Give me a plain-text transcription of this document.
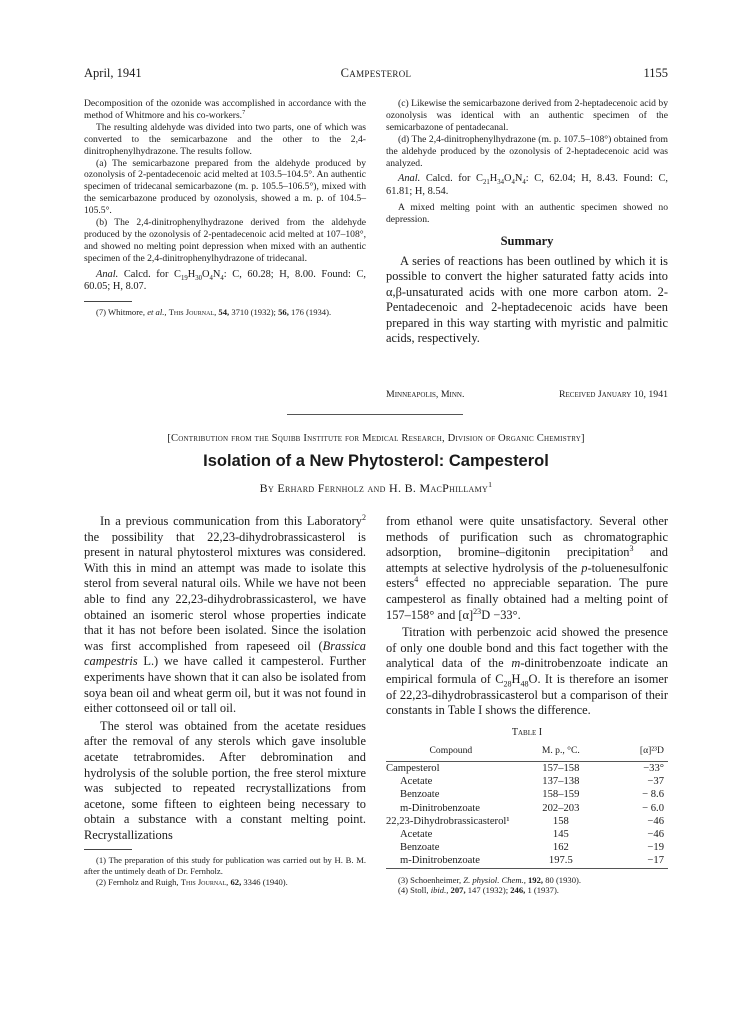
April, 1941	Campesterol	1155

Decomposition of the ozonide was accomplished in accordance with the method of Whitmore and his co-workers.$^7$

The resulting aldehyde was divided into two parts, one of which was converted to the semicarbazone and the other to the 2,4-dinitrophenylhydrazone. The results follow.

(a) The semicarbazone prepared from the aldehyde produced by ozonolysis of 2-pentadecenoic acid melted at 103.5–104.5°. An authentic specimen of tridecanal semicarbazone (m. p. 105.5–106.5°), mixed with the semicarbazone produced by ozonolysis, showed a m. p. of 104.5–105.5°.

(b) The 2,4-dinitrophenylhydrazone derived from the aldehyde produced by the ozonolysis of 2-pentadecenoic acid melted at 107–108°, and showed no melting point depression when mixed with an authentic specimen of the 2,4-dinitrophenylhydrazone of tridecanal.

Anal. Calcd. for $C_{19}H_{30}O_4N_4$: C, 60.28; H, 8.00. Found: C, 60.05; H, 8.07.

(7) Whitmore, et al., This Journal, 54, 3710 (1932); 56, 176 (1934).

(c) Likewise the semicarbazone derived from 2-heptadecenoic acid by ozonolysis was identical with an authentic specimen of the semicarbazone of pentadecanal.

(d) The 2,4-dinitrophenylhydrazone (m. p. 107.5–108°) obtained from the aldehyde produced by the ozonolysis of 2-heptadecenoic acid was analyzed.

Anal. Calcd. for $C_{21}H_{34}O_4N_4$: C, 62.04; H, 8.43. Found: C, 61.81; H, 8.54.

A mixed melting point with an authentic specimen showed no depression.

Summary

A series of reactions has been outlined by which it is possible to convert the higher saturated fatty acids into α,β-unsaturated acids with one more carbon atom. 2-Pentadecenoic and 2-heptadecenoic acids have been prepared in this way starting with myristic and palmitic acids, respectively.

Minneapolis, Minn.	Received January 10, 1941
[Contribution from the Squibb Institute for Medical Research, Division of Organic Chemistry]
Isolation of a New Phytosterol: Campesterol
By Erhard Fernholz and H. B. MacPhillamy$^1$

In a previous communication from this Laboratory$^2$ the possibility that 22,23-dihydrobrassicasterol is present in natural phytosterol mixtures was considered. With this in mind an attempt was made to isolate this sterol from several natural oils. While we have not been able to find any 22,23-dihydrobrassicasterol, we have obtained an isomeric sterol whose properties indicate that it has not before been isolated. Since the isolation was first accomplished from rapeseed oil (Brassica campestris L.) we have called it campesterol. Further experiments have shown that it can also be isolated from soya bean oil and wheat germ oil, but it was not found in either cottonseed oil or tall oil.

The sterol was obtained from the acetate residues after the removal of any sterols which gave insoluble acetate tetrabromides. After debromination and hydrolysis of the soluble portion, the free sterol mixture was subjected to repeated recrystallizations from acetone, some fifteen to eighteen being necessary to obtain a substance with a constant melting point. Recrystallizations

(1) The preparation of this study for publication was carried out by H. B. M. after the untimely death of Dr. Fernholz.

(2) Fernholz and Ruigh, This Journal, 62, 3346 (1940).

from ethanol were quite unsatisfactory. Several other methods of purification such as chromatographic adsorption, bromine–digitonin precipitation$^3$ and attempts at selective hydrolysis of the p-toluenesulfonic esters$^4$ effected no appreciable separation. The pure campesterol as finally obtained had a melting point of 157–158° and $[\alpha]^{23}D -33^\circ$.

Titration with perbenzoic acid showed the presence of only one double bond and this fact together with the analytical data of the m-dinitrobenzoate indicate an empirical formula of $C_{28}H_{48}O$. It is therefore an isomer of 22,23-dihydrobrassicasterol but a comparison of their constants in Table I shows the difference.

Table I
Compound	M. p., °C.	[α]²³D
Campesterol	157–158	−33°
Acetate	137–138	−37
Benzoate	158–159	− 8.6
m-Dinitrobenzoate	202–203	− 6.0
22,23-Dihydrobrassicasterol¹	158	−46
Acetate	145	−46
Benzoate	162	−19
m-Dinitrobenzoate	197.5	−17

(3) Schoenheimer, Z. physiol. Chem., 192, 80 (1930).

(4) Stoll, ibid., 207, 147 (1932); 246, 1 (1937).
